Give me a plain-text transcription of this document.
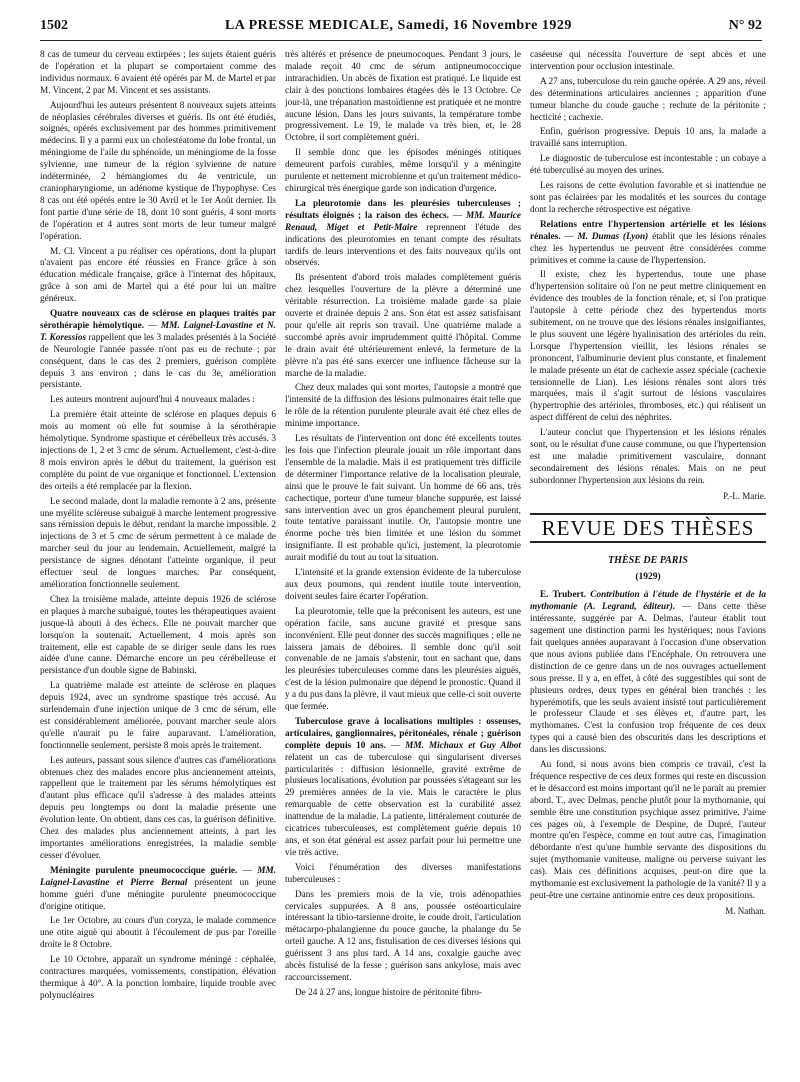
1502	LA PRESSE MEDICALE, Samedi, 16 Novembre 1929	N° 92

8 cas de tumeur du cerveau extirpées ; les sujets étaient guéris de l'opération et la plupart se comportaient comme des individus normaux. 6 avaient été opérés par M. de Martel et par M. Vincent, 2 par M. Vincent et ses assistants.

Aujourd'hui les auteurs présentent 8 nouveaux sujets atteints de néoplasies cérébrales diverses et guéris. Ils ont été étudiés, soignés, opérés exclusivement par des hommes primitivement médecins. Il y a parmi eux un cholestéatome du lobe frontal, un méningiome de l'aile du sphénoïde, un méningiome de la fosse sylvienne, une tumeur de la région sylvienne de nature indéterminée, 2 hémangiomes du 4e ventricule, un craniopharyngiome, un adénome kystique de l'hypophyse. Ces 8 cas ont été opérés entre le 30 Avril et le 1er Août dernier. Ils font partie d'une série de 18, dont 10 sont guéris, 4 sont morts de l'opération et 4 autres sont morts de leur tumeur malgré l'opération.

M. Cl. Vincent a pu réaliser ces opérations, dont la plupart n'avaient pas encore été réussies en France grâce à son éducation médicale française, grâce à l'internat des hôpitaux, grâce à son ami de Martel qui a été pour lui un maître généreux.

Quatre nouveaux cas de sclérose en plaques traités par sérothérapie hémolytique. — MM. Laignel-Lavastine et N. T. Koressios rappellent que les 3 malades présentés à la Société de Neurologie l'année passée n'ont pas eu de rechute ; par conséquent, dans le cas des 2 premiers, guérison complète depuis 3 ans environ ; dans le cas du 3e, amélioration persistante.

Les auteurs montrent aujourd'hui 4 nouveaux malades :

La première était atteinte de sclérose en plaques depuis 6 mois au moment où elle fut soumise à la sérothérapie hémolytique. Syndrome spastique et cérébelleux très accusés. 3 injections de 1, 2 et 3 cmc de sérum. Actuellement, c'est-à-dire 8 mois environ après le début du traitement, la guérison est complète du point de vue organique et fonctionnel. L'extension des orteils a été remplacée par la flexion.

Le second malade, dont la maladie remonte à 2 ans, présente une myélite scléreuse subaiguë à marche lentement progressive sans rémission depuis le début, rendant la marche impossible. 2 injections de 3 et 5 cmc de sérum permettent à ce malade de marcher seul du jour au lendemain. Actuellement, malgré la persistance de signes dénotant l'atteinte organique, il peut effectuer seul de longues marches. Par conséquent, amélioration fonctionnelle seulement.

Chez la troisième malade, atteinte depuis 1926 de sclérose en plaques à marche subaiguë, toutes les thérapeutiques avaient jusque-là abouti à des échecs. Elle ne pouvait marcher que lorsqu'on la soutenait. Actuellement, 4 mois après son traitement, elle est capable de se diriger seule dans les rues aidée d'une canne. Démarche encore un peu cérébelleuse et persistance d'un double signe de Babinski.

La quatrième malade est atteinte de sclérose en plaques depuis 1924, avec un syndrome spastique très accusé. Au surlendemain d'une injection unique de 3 cmc de sérum, elle est considérablement améliorée, pouvant marcher seule alors qu'elle n'aurait pu le faire auparavant. L'amélioration, fonctionnelle seulement, persiste 8 mois après le traitement.

Les auteurs, passant sous silence d'autres cas d'améliorations obtenues chez des malades encore plus anciennement atteints, rappellent que le traitement par les sérums hémolytiques est d'autant plus efficace qu'il s'adresse à des malades atteints depuis peu longtemps ou dont la maladie présente une évolution lente. On obtient, dans ces cas, la guérison définitive. Chez des malades plus anciennement atteints, à part les importantes améliorations enregistrées, la maladie semble cesser d'évoluer.

Méningite purulente pneumococcique guérie. — MM. Laignel-Lavastine et Pierre Bernal présentent un jeune homme guéri d'une méningite purulente pneumococcique d'origine otitique.

Le 1er Octobre, au cours d'un coryza, le malade commence une otite aiguë qui aboutit à l'écoulement de pus par l'oreille droite le 8 Octobre.

Le 10 Octobre, apparaît un syndrome méningé : céphalée, contractures marquées, vomissements, constipation, élévation thermique à 40°. A la ponction lombaire, liquide trouble avec polynucléaires

très altérés et présence de pneumocoques. Pendant 3 jours, le malade reçoit 40 cmc de sérum antipneumococcique intrarachidien. Un abcès de fixation est pratiqué. Le liquide est clair à des ponctions lombaires étagées dès le 13 Octobre. Ce jour-là, une trépanation mastoïdienne est pratiquée et ne montre aucune lésion. Dans les jours suivants, la température tombe progressivement. Le 19, le malade va très bien, et, le 28 Octobre, il sort complètement guéri.

Il semble donc que les épisodes méningés otitiques demeurent parfois curables, même lorsqu'il y a méningite purulente et nettement microbienne et qu'un traitement médico-chirurgical très énergique garde son indication d'urgence.

La pleurotomie dans les pleurésies tuberculeuses ; résultats éloignés ; la raison des échecs. — MM. Maurice Renaud, Miget et Petit-Maire reprennent l'étude des indications des pleurotomies en tenant compte des résultats tardifs de leurs interventions et des faits nouveaux qu'ils ont observés.

Ils présentent d'abord trois malades complètement guéris chez lesquelles l'ouverture de la plèvre a déterminé une véritable résurrection. La troisième malade garde sa plaie ouverte et drainée depuis 2 ans. Son état est assez satisfaisant pour qu'elle ait repris son travail. Une quatrième malade a succombé après avoir imprudemment quitté l'hôpital. Comme le drain avait été ultérieurement enlevé, la fermeture de la plèvre n'a pas été sans exercer une influence fâcheuse sur la marche de la maladie.

Chez deux malades qui sont mortes, l'autopsie a montré que l'intensité de la diffusion des lésions pulmonaires était telle que le rôle de la rétention purulente pleurale avait été chez elles de minime importance.

Les résultats de l'intervention ont donc été excellents toutes les fois que l'infection pleurale jouait un rôle important dans l'ensemble de la maladie. Mais il est pratiquement très difficile de déterminer l'importance relative de la localisation pleurale, ainsi que le prouve le fait suivant. Un homme de 66 ans, très cachectique, porteur d'une tumeur blanche suppurée, est laissé sans intervention avec un gros épanchement pleural purulent, toute tentative paraissant inutile. Or, l'autopsie montre une énorme poche très bien limitée et une lésion du sommet insignifiante. Il est probable qu'ici, justement, la pleurotomie aurait modifié du tout au tout la situation.

L'intensité et la grande extension évidente de la tuberculose aux deux poumons, qui rendent inutile toute intervention, doivent seules faire écarter l'opération.

La pleurotomie, telle que la préconisent les auteurs, est une opération facile, sans aucune gravité et presque sans inconvénient. Elle peut donner des succès magnifiques ; elle ne laissera jamais de déboires. Il semble donc qu'il soit convenable de ne jamais s'abstenir, tout en sachant que, dans les pleurésies tuberculeuses comme dans les pleurésies aiguës, c'est de la lésion pulmonaire que dépend le pronostic. Quand il y a du pus dans la plèvre, il vaut mieux que celle-ci soit ouverte que fermée.

Tuberculose grave à localisations multiples : osseuses, articulaires, ganglionnaires, péritonéales, rénale ; guérison complète depuis 10 ans. — MM. Michaux et Guy Albot relatent un cas de tuberculose qui singularisent diverses particularités : diffusion lésionnelle, gravité extrême de plusieurs localisations, évolution par poussées s'étageant sur les 29 premières années de la vie. Mais le caractère le plus remarquable de cette observation est la curabilité assez inattendue de la maladie. La patiente, littéralement couturée de cicatrices tuberculeuses, est complètement guérie depuis 10 ans, et son état général est assez parfait pour lui permettre une vie très active.

Voici l'énumération des diverses manifestations tuberculeuses :

Dans les premiers mois de la vie, trois adénopathies cervicales suppurées. A 8 ans, poussée ostéoarticulaire intéressant la tibio-tarsienne droite, le coude droit, l'articulation métacarpo-phalangienne du pouce gauche, la phalange du 5e orteil gauche. A 12 ans, fistulisation de ces diverses lésions qui guérissent 3 ans plus tard. A 14 ans, coxalgie gauche avec abcès fistulisé de la fesse ; guérison sans ankylose, mais avec raccourcissement.

De 24 à 27 ans, longue histoire de péritonite fibro-

caséeuse qui nécessita l'ouverture de sept abcès et une intervention pour occlusion intestinale.

A 27 ans, tuberculose du rein gauche opérée. A 29 ans, réveil des déterminations articulaires anciennes ; apparition d'une tumeur blanche du coude gauche ; rechute de la péritonite ; hecticité ; cachexie.

Enfin, guérison progressive. Depuis 10 ans, la malade a travaillé sans interruption.

Le diagnostic de tuberculose est incontestable : un cobaye a été tuberculisé au moyen des urines.

Les raisons de cette évolution favorable et si inattendue ne sont pas éclairées par les modalités et les sources du contage dont la recherche rétrospective est négative

Relations entre l'hypertension artérielle et les lésions rénales. — M. Dumas (Lyon) établit que les lésions rénales chez les hypertendus ne peuvent être considérées comme primitives et comme la cause de l'hypertension.

Il existe, chez les hypertendus, toute une phase d'hypertension solitaire où l'on ne peut mettre cliniquement en évidence des troubles de la fonction rénale, et, si l'on pratique l'autopsie à cette période chez des hypertendus morts subitement, on ne trouve que des lésions rénales insignifiantes, le plus souvent une légère hyalinisation des artérioles du rein. Lorsque l'hypertension vieillit, les lésions rénales se prononcent, l'albuminurie devient plus constante, et finalement le malade présente un état de cachexie assez spéciale (cachexie tensionnelle de Lian). Les lésions rénales sont alors très marquées, mais il s'agit surtout de lésions vasculaires (hypertrophie des artérioles, thromboses, etc.) qui réalisent un aspect différent de celui des néphrites.

L'auteur conclut que l'hypertension et les lésions rénales sont, ou le résultat d'une cause commune, ou que l'hypertension est une maladie primitivement vasculaire, donnant secondairement des lésions rénales. Mais on ne peut subordonner l'hypertension aux lésions du rein.

P.-L. Marie.

REVUE DES THÈSES
THÈSE DE PARIS
(1929)

E. Trubert. Contribution à l'étude de l'hystérie et de la mythomanie (A. Legrand, éditeur). — Dans cette thèse intéressante, suggérée par A. Delmas, l'auteur établit tout sagement une distinction parmi les hystériques; nous l'avions fait quelques années auparavant à l'occasion d'une observation que nous avions publiée dans l'Encéphale. On retrouvera une distinction de ce genre dans un de nos ouvrages actuellement sous presse. Il y a, en effet, à côté des suggestibles qui sont de plusieurs ordres, deux types en général bien tranchés : les hyperémotifs, que les seuls avaient insisté tout particulièrement le professeur Claude et ses élèves et, d'autre part, les mythomanes. C'est la confusion trop fréquente de ces deux types qui a causé bien des obscurités dans les descriptions et dans les discussions.

Au fond, si nous avons bien compris ce travail, c'est la fréquence respective de ces deux formes qui reste en discussion et le désaccord est moins important qu'il ne le paraît au premier abord. T., avec Delmas, penche plutôt pour la mythomanie, qui semble être une constitution psychique assez primitive. J'aime ces pages où, à l'exemple de Despine, de Dupré, l'auteur montre qu'en l'espèce, comme en tout autre cas, l'imagination débordante n'est qu'une humble servante des dispositions du sujet (mythomanie vaniteuse, maligne ou perverse suivant les cas). Mais ces définitions acquises, peut-on dire que la mythomanie est exclusivement la pathologie de la vanité? Il y a peut-être une certaine antinomie entre ces deux propositions.

M. Nathan.
